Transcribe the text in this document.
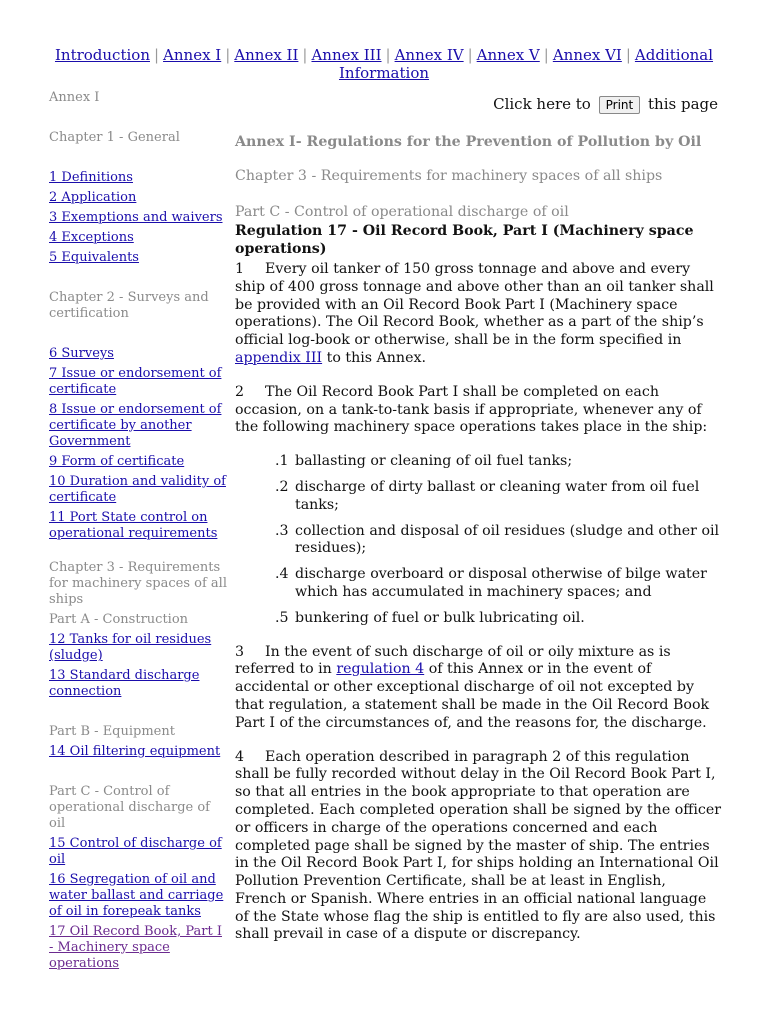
Introduction | Annex I | Annex II | Annex III | Annex IV | Annex V | Annex VI | Additional Information
Click here to Print this page
Annex I
Chapter 1 - General
1 Definitions
2 Application
3 Exemptions and waivers
4 Exceptions
5 Equivalents
Chapter 2 - Surveys and certification
6 Surveys
7 Issue or endorsement of certificate
8 Issue or endorsement of certificate by another Government
9 Form of certificate
10 Duration and validity of certificate
11 Port State control on operational requirements
Chapter 3 - Requirements for machinery spaces of all ships
Part A - Construction
12 Tanks for oil residues (sludge)
13 Standard discharge connection
Part B - Equipment
14 Oil filtering equipment
Part C - Control of operational discharge of oil
15 Control of discharge of oil
16 Segregation of oil and water ballast and carriage of oil in forepeak tanks
17 Oil Record Book, Part I - Machinery space operations
Annex I- Regulations for the Prevention of Pollution by Oil
Chapter 3 - Requirements for machinery spaces of all ships
Part C - Control of operational discharge of oil
Regulation 17 - Oil Record Book, Part I (Machinery space operations)

1 Every oil tanker of 150 gross tonnage and above and every ship of 400 gross tonnage and above other than an oil tanker shall be provided with an Oil Record Book Part I (Machinery space operations). The Oil Record Book, whether as a part of the ship’s official log-book or otherwise, shall be in the form specified in appendix III to this Annex.

2 The Oil Record Book Part I shall be completed on each occasion, on a tank-to-tank basis if appropriate, whenever any of the following machinery space operations takes place in the ship:

.1 ballasting or cleaning of oil fuel tanks;
.2 discharge of dirty ballast or cleaning water from oil fuel tanks;
.3 collection and disposal of oil residues (sludge and other oil residues);
.4 discharge overboard or disposal otherwise of bilge water which has accumulated in machinery spaces; and
.5 bunkering of fuel or bulk lubricating oil.

3 In the event of such discharge of oil or oily mixture as is referred to in regulation 4 of this Annex or in the event of accidental or other exceptional discharge of oil not excepted by that regulation, a statement shall be made in the Oil Record Book Part I of the circumstances of, and the reasons for, the discharge.

4 Each operation described in paragraph 2 of this regulation shall be fully recorded without delay in the Oil Record Book Part I, so that all entries in the book appropriate to that operation are completed. Each completed operation shall be signed by the officer or officers in charge of the operations concerned and each completed page shall be signed by the master of ship. The entries in the Oil Record Book Part I, for ships holding an International Oil Pollution Prevention Certificate, shall be at least in English, French or Spanish. Where entries in an official national language of the State whose flag the ship is entitled to fly are also used, this shall prevail in case of a dispute or discrepancy.
